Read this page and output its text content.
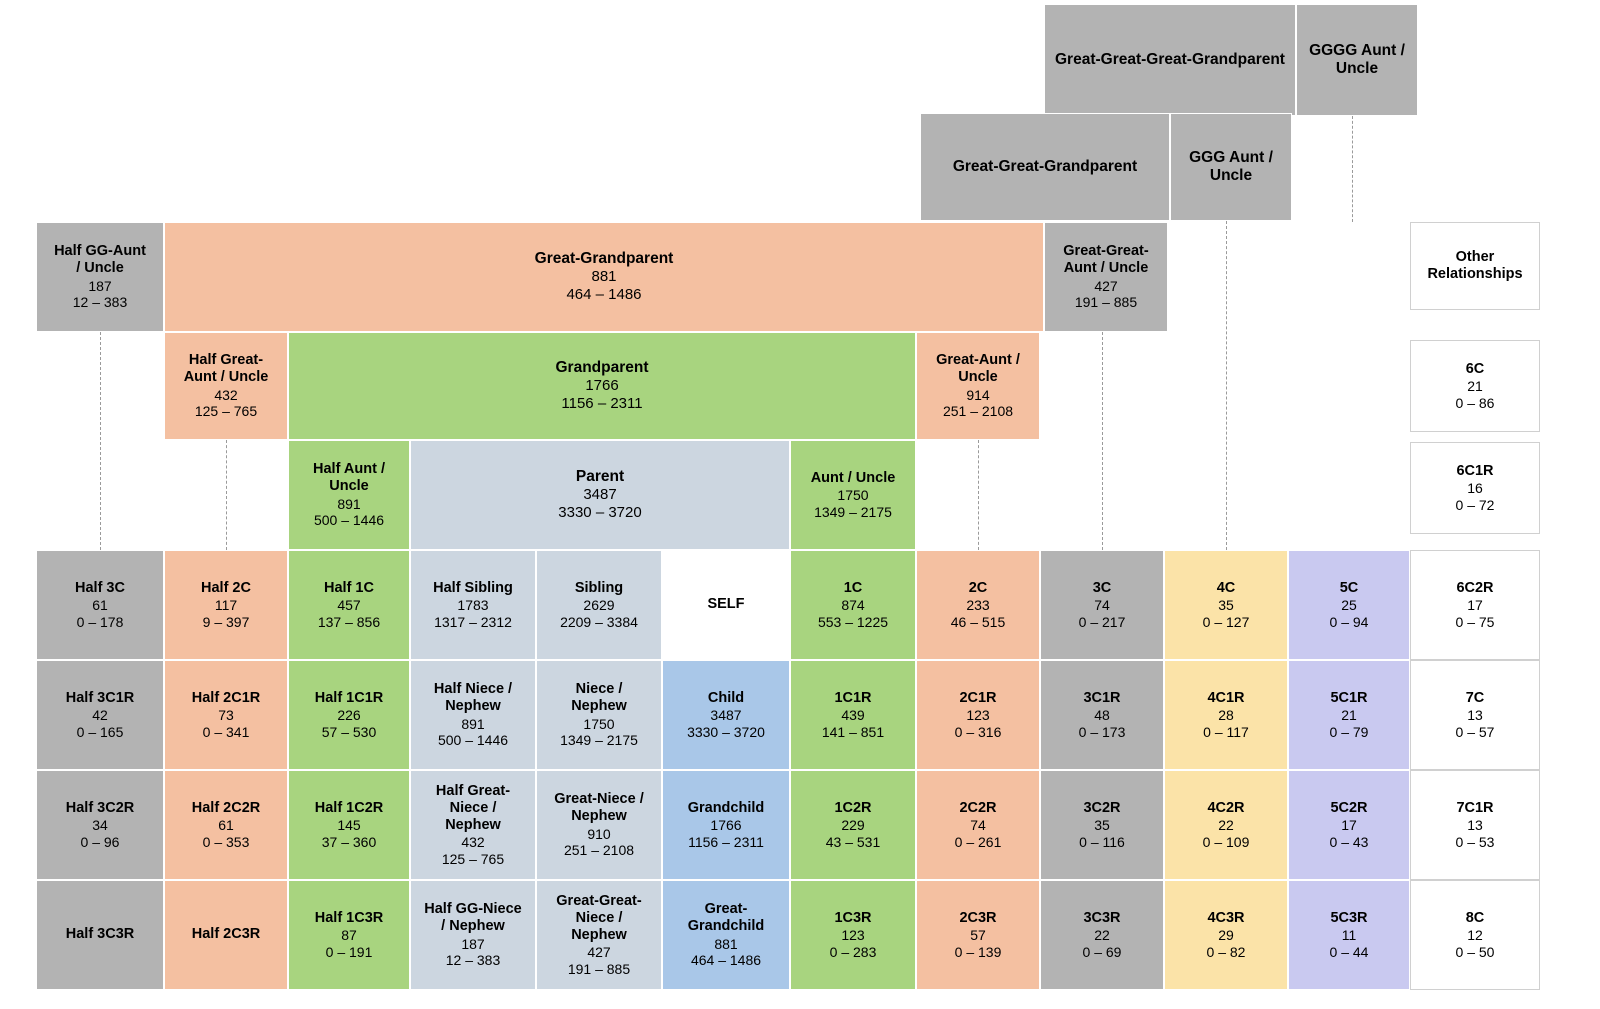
Great-Great-Great-Grandparent
GGGG Aunt /
Uncle
Great-Great-Grandparent
GGG Aunt /
Uncle
Half GG-Aunt
/ Uncle
187
12 – 383
Great-Grandparent
881
464 – 1486
Great-Great-
Aunt / Uncle
427
191 – 885
Other
Relationships
Half Great-
Aunt / Uncle
432
125 – 765
Grandparent
1766
1156 – 2311
Great-Aunt /
Uncle
914
251 – 2108
6C
21
0 – 86
Half Aunt /
Uncle
891
500 – 1446
Parent
3487
3330 – 3720
Aunt / Uncle
1750
1349 – 2175
6C1R
16
0 – 72
Half 3C
61
0 – 178
Half 2C
117
9 – 397
Half 1C
457
137 – 856
Half Sibling
1783
1317 – 2312
Sibling
2629
2209 – 3384
SELF
1C
874
553 – 1225
2C
233
46 – 515
3C
74
0 – 217
4C
35
0 – 127
5C
25
0 – 94
6C2R
17
0 – 75
Half 3C1R
42
0 – 165
Half 2C1R
73
0 – 341
Half 1C1R
226
57 – 530
Half Niece /
Nephew
891
500 – 1446
Niece /
Nephew
1750
1349 – 2175
Child
3487
3330 – 3720
1C1R
439
141 – 851
2C1R
123
0 – 316
3C1R
48
0 – 173
4C1R
28
0 – 117
5C1R
21
0 – 79
7C
13
0 – 57
Half 3C2R
34
0 – 96
Half 2C2R
61
0 – 353
Half 1C2R
145
37 – 360
Half Great-
Niece /
Nephew
432
125 – 765
Great-Niece /
Nephew
910
251 – 2108
Grandchild
1766
1156 – 2311
1C2R
229
43 – 531
2C2R
74
0 – 261
3C2R
35
0 – 116
4C2R
22
0 – 109
5C2R
17
0 – 43
7C1R
13
0 – 53
Half 3C3R	Half 2C3R
Half 1C3R
87
0 – 191
Half GG-Niece
/ Nephew
187
12 – 383
Great-Great-
Niece /
Nephew
427
191 – 885
Great-
Grandchild
881
464 – 1486
1C3R
123
0 – 283
2C3R
57
0 – 139
3C3R
22
0 – 69
4C3R
29
0 – 82
5C3R
11
0 – 44
8C
12
0 – 50
